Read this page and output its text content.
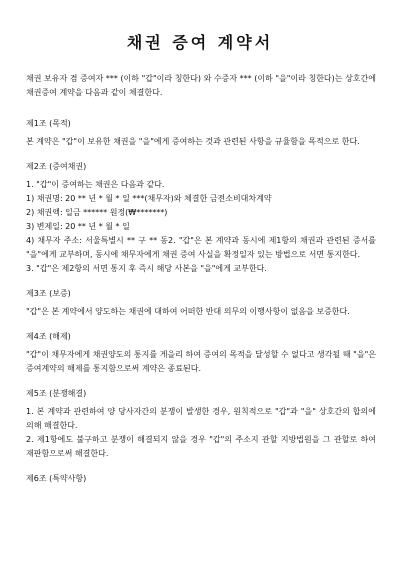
채권 증여 계약서

채권 보유자 겸 증여자 *** (이하 "갑"이라 칭한다) 와 수증자 *** (이하 "을"이라 칭한다)는 상호간에 채권증여 계약을 다음과 같이 체결한다.

제1조 (목적)

본 계약은 "갑"이 보유한 채권을 "을"에게 증여하는 것과 관련된 사항을 규율함을 목적으로 한다.

제2조 (증여채권)

1. "갑"이 증여하는 채권은 다음과 같다.

1) 채권명: 20 ** 년 * 월 * 일 ***(채무자)와 체결한 금전소비대차계약

2) 채권액: 일금 ****** 원정(₩*******)

3) 변제일: 20 ** 년 * 월 * 일

4) 채무자 주소: 서울특별시 ** 구 ** 동2. "갑"은 본 계약과 동시에 제1항의 채권과 관련된 증서를 "을"에게 교부하며, 동시에 채무자에게 채권 증여 사실을 확정일자 있는 방법으로 서면 통지한다.

3. "갑"은 제2항의 서면 통지 후 즉시 해당 사본을 "을"에게 교부한다.

제3조 (보증)

"갑"은 본 계약에서 양도하는 채권에 대하여 어떠한 반대 의무의 이행사항이 없음을 보증한다.

제4조 (해제)

"갑"이 채무자에게 채권양도의 통지를 게을리 하여 증여의 목적을 달성할 수 없다고 생각될 때 "을"은 증여계약의 해제를 통지함으로써 계약은 종료된다.

제5조 (분쟁해결)

1. 본 계약과 관련하여 양 당사자간의 분쟁이 발생한 경우, 원칙적으로 "갑"과 "을" 상호간의 합의에 의해 해결한다.

2. 제1항에도 불구하고 분쟁이 해결되지 않을 경우 "갑"의 주소지 관할 지방법원을 그 관할로 하여 재판함으로써 해결한다.

제6조 (특약사항)
